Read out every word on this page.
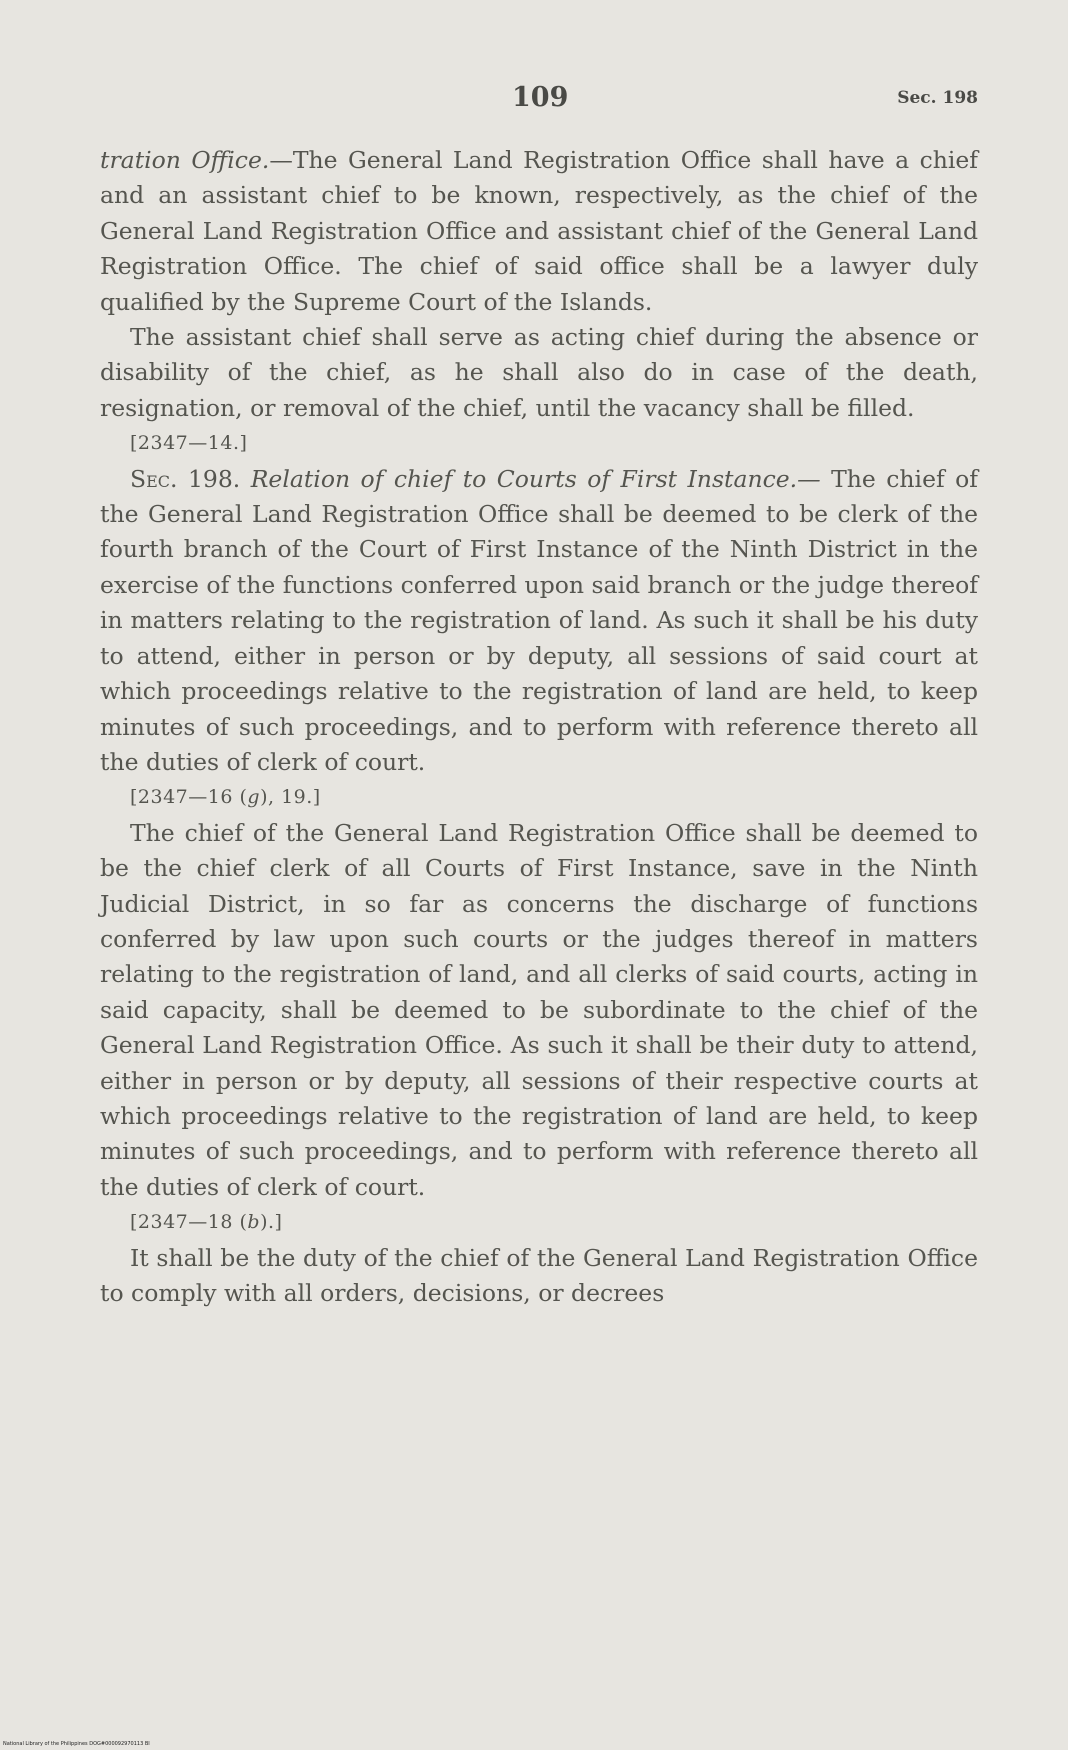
109	Sec. 198

tration Office.—The General Land Registration Office shall have a chief and an assistant chief to be known, respectively, as the chief of the General Land Registration Office and assistant chief of the General Land Registration Office. The chief of said office shall be a lawyer duly qualified by the Supreme Court of the Islands.

The assistant chief shall serve as acting chief during the absence or disability of the chief, as he shall also do in case of the death, resignation, or removal of the chief, until the vacancy shall be filled.

[2347—14.]

Sec. 198. Relation of chief to Courts of First Instance.— The chief of the General Land Registration Office shall be deemed to be clerk of the fourth branch of the Court of First Instance of the Ninth District in the exercise of the functions conferred upon said branch or the judge thereof in matters relating to the registration of land. As such it shall be his duty to attend, either in person or by deputy, all sessions of said court at which proceedings relative to the registration of land are held, to keep minutes of such proceedings, and to perform with reference thereto all the duties of clerk of court.

[2347—16 (g), 19.]

The chief of the General Land Registration Office shall be deemed to be the chief clerk of all Courts of First Instance, save in the Ninth Judicial District, in so far as concerns the discharge of functions conferred by law upon such courts or the judges thereof in matters relating to the registration of land, and all clerks of said courts, acting in said capacity, shall be deemed to be subordinate to the chief of the General Land Registration Office. As such it shall be their duty to attend, either in person or by deputy, all sessions of their respective courts at which proceedings relative to the registration of land are held, to keep minutes of such proceedings, and to perform with reference thereto all the duties of clerk of court.

[2347—18 (b).]

It shall be the duty of the chief of the General Land Registration Office to comply with all orders, decisions, or decrees

National Library of the Philippines DOG#000092970113 BI
